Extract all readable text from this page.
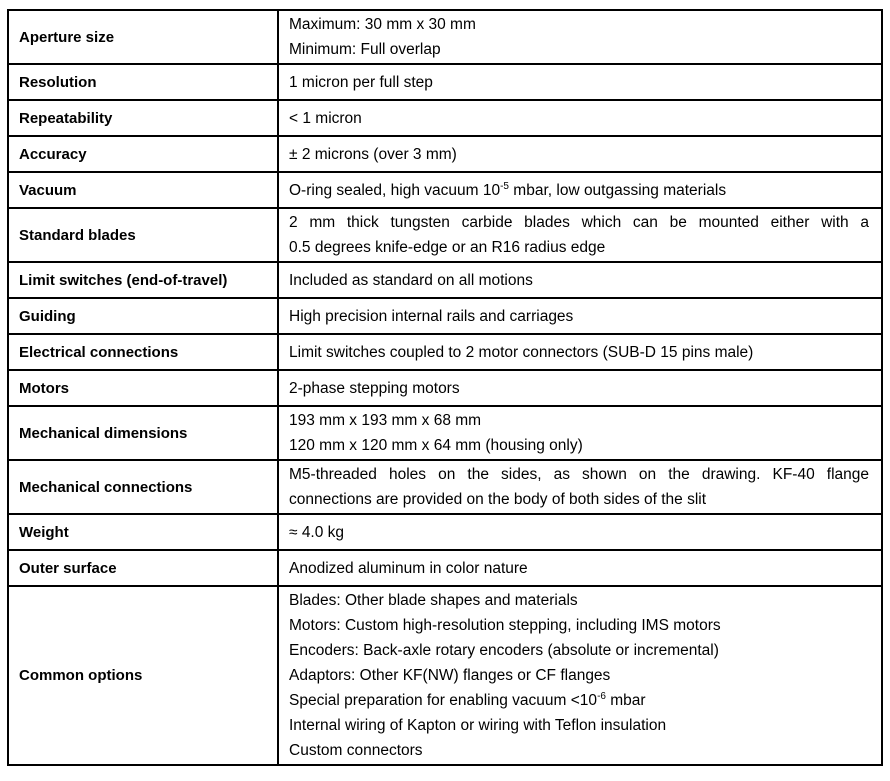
Aperture size	Maximum: 30 mm x 30 mm
Minimum: Full overlap

Resolution	1 micron per full step

Repeatability	< 1 micron

Accuracy	± 2 microns (over 3 mm)

Vacuum	O-ring sealed, high vacuum $10^{-5}$ mbar, low outgassing materials

Standard blades	2 mm thick tungsten carbide blades which can be mounted either with a
0.5 degrees knife-edge or an R16 radius edge

Limit switches (end-of-travel)	Included as standard on all motions

Guiding	High precision internal rails and carriages

Electrical connections	Limit switches coupled to 2 motor connectors (SUB-D 15 pins male)

Motors	2-phase stepping motors

Mechanical dimensions	193 mm x 193 mm x 68 mm
120 mm x 120 mm x 64 mm (housing only)

Mechanical connections	M5-threaded holes on the sides, as shown on the drawing. KF-40 flange
connections are provided on the body of both sides of the slit

Weight	≈ 4.0 kg

Outer surface	Anodized aluminum in color nature

Common options	
Blades: Other blade shapes and materials
Motors: Custom high-resolution stepping, including IMS motors
Encoders: Back-axle rotary encoders (absolute or incremental)
Adaptors: Other KF(NW) flanges or CF flanges
Special preparation for enabling vacuum $<10^{-6}$ mbar
Internal wiring of Kapton or wiring with Teflon insulation
Custom connectors
